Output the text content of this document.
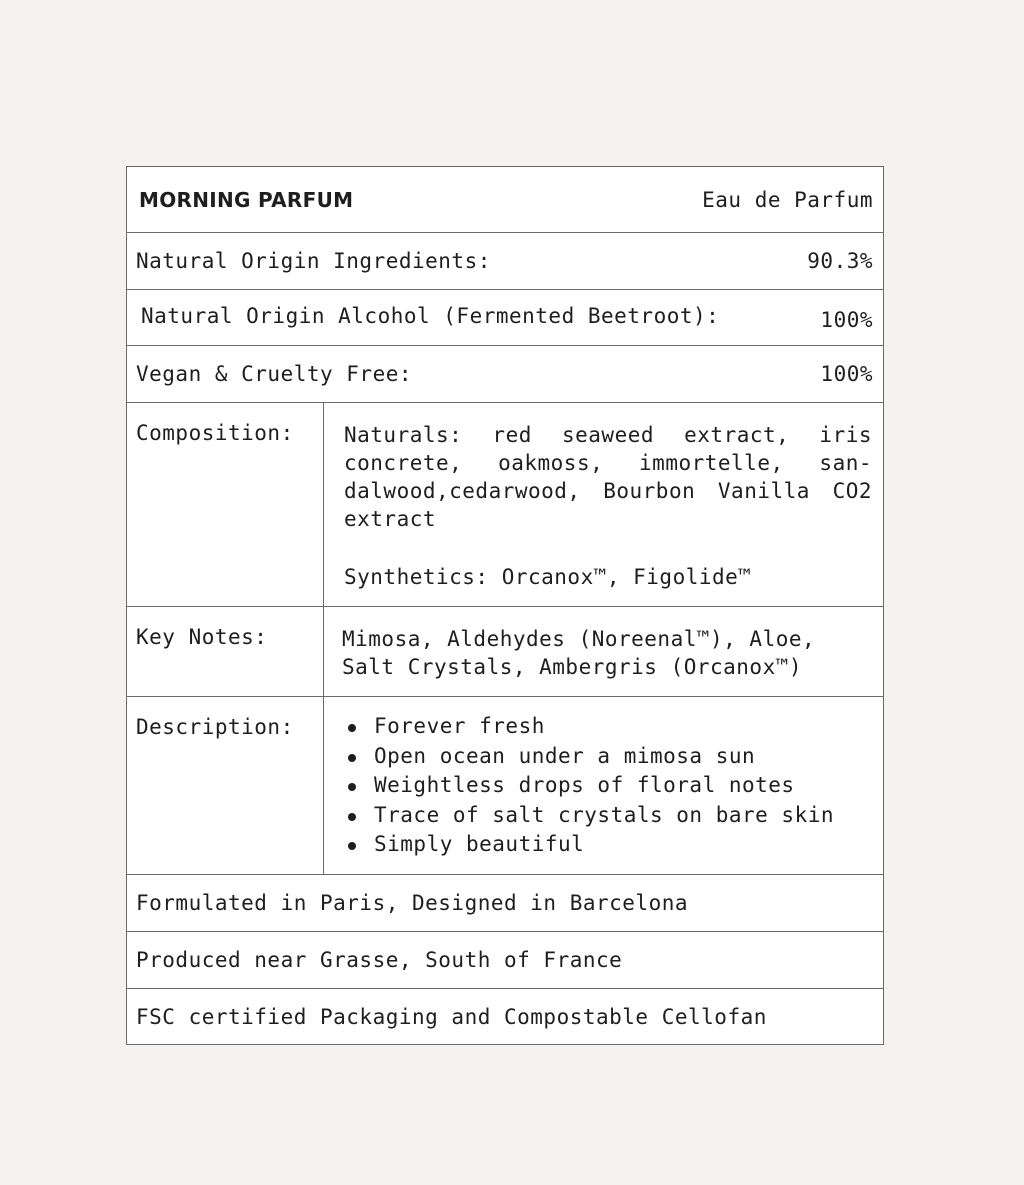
MORNING PARFUM	Eau de Parfum
Natural Origin Ingredients:	90.3%
Natural Origin Alcohol (Fermented Beetroot):	100%
Vegan & Cruelty Free:	100%
Composition:	Naturals: red seaweed extract, iris concrete, oakmoss, immortelle, san-dalwood,cedarwood, Bourbon Vanilla CO2 extract

Synthetics: Orcanox™, Figolide™

Key Notes:	Mimosa, Aldehydes (Noreenal™), Aloe,
Salt Crystals, Ambergris (Orcanox™)
Description:	Forever fresh
Open ocean under a mimosa sun
Weightless drops of floral notes
Trace of salt crystals on bare skin
Simply beautiful
Formulated in Paris, Designed in Barcelona
Produced near Grasse, South of France
FSC certified Packaging and Compostable Cellofan
